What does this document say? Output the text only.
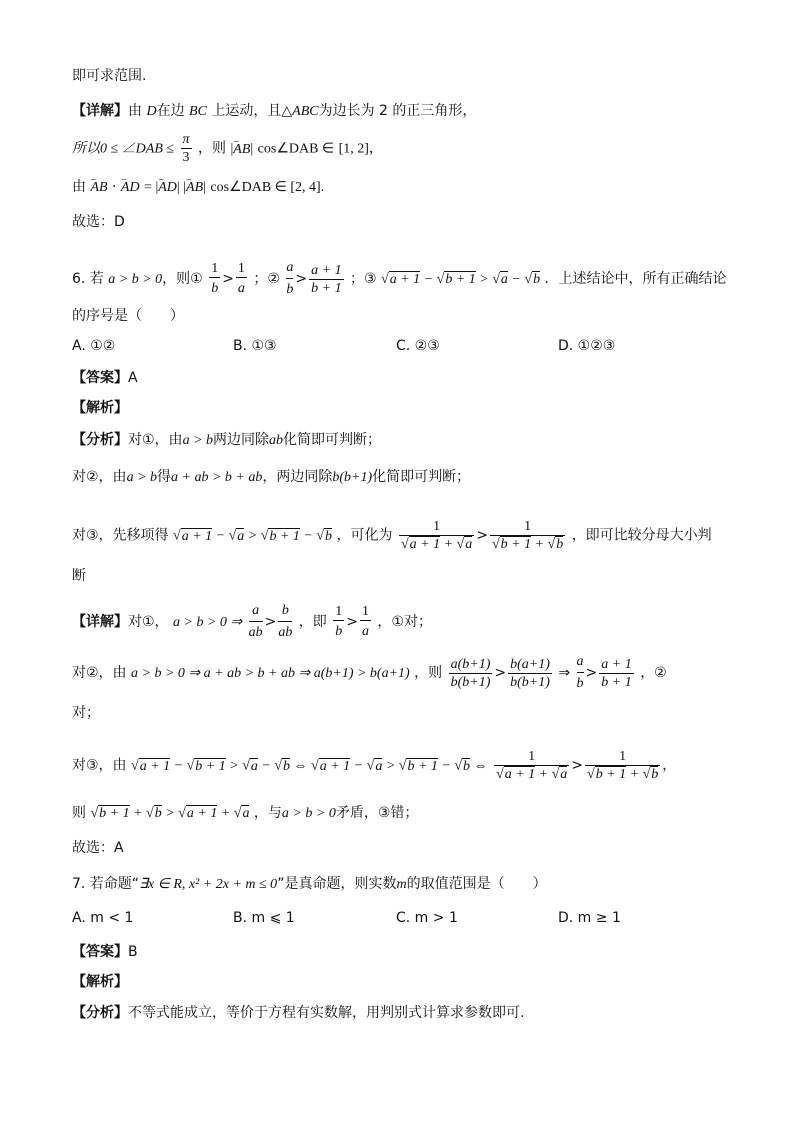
即可求范围.
【详解】由 D在边 BC 上运动，且△ABC为边长为 2 的正三角形，
所以0 ≤ ∠DAB ≤ $\frac{\pi}{3}$ ，则 |⌣ AB| cos∠DAB ∈ [1, 2]，
由 ⌣ AB · ⌣ AD = |⌣ AD| |⌣ AB| cos∠DAB ∈ [2, 4].
故选：D
6. 若 a > b > 0，则① $\frac{1}{b} > \frac{1}{a}$ ；② $\frac{a}{b} > \frac{a + 1}{b + 1}$ ；③ √a + 1 − √b + 1 > √a − √b ．上述结论中，所有正确结论
的序号是（　　）
A. ①②	B. ①③	C. ②③	D. ①②③
【答案】A
【解析】
【分析】对①，由a > b两边同除ab化简即可判断；
对②，由a > b得a + ab > b + ab，两边同除b(b+1)化简即可判断；
对③，先移项得 √a + 1 − √a > √b + 1 − √b ，可化为 $\frac{1}{√a + 1 + √a} > \frac{1}{√b + 1 + √b}$ ，即可比较分母大小判
断
【详解】对①， a > b > 0 ⇒ $\frac{a}{ab} > \frac{b}{ab}$ ，即 $\frac{1}{b} > \frac{1}{a}$ ，①对；
对②，由 a > b > 0 ⇒ a + ab > b + ab ⇒ a(b+1) > b(a+1) ，则 $\frac{a(b+1)}{b(b+1)} > \frac{b(a+1)}{b(b+1)}$ ⇒ $\frac{a}{b} > \frac{a + 1}{b + 1}$ ，②
对；
对③，由 √a + 1 − √b + 1 > √a − √b ⇔ √a + 1 − √a > √b + 1 − √b ⇔ $\frac{1}{√a + 1 + √a} > \frac{1}{√b + 1 + √b}$ ，
则 √b + 1 + √b > √a + 1 + √a ，与a > b > 0矛盾，③错；
故选：A
7. 若命题“∃x ∈ R, x² + 2x + m ≤ 0”是真命题，则实数m的取值范围是（　　）
A. m < 1	B. m ⩽ 1	C. m > 1	D. m ≥ 1
【答案】B
【解析】
【分析】不等式能成立，等价于方程有实数解，用判别式计算求参数即可.
